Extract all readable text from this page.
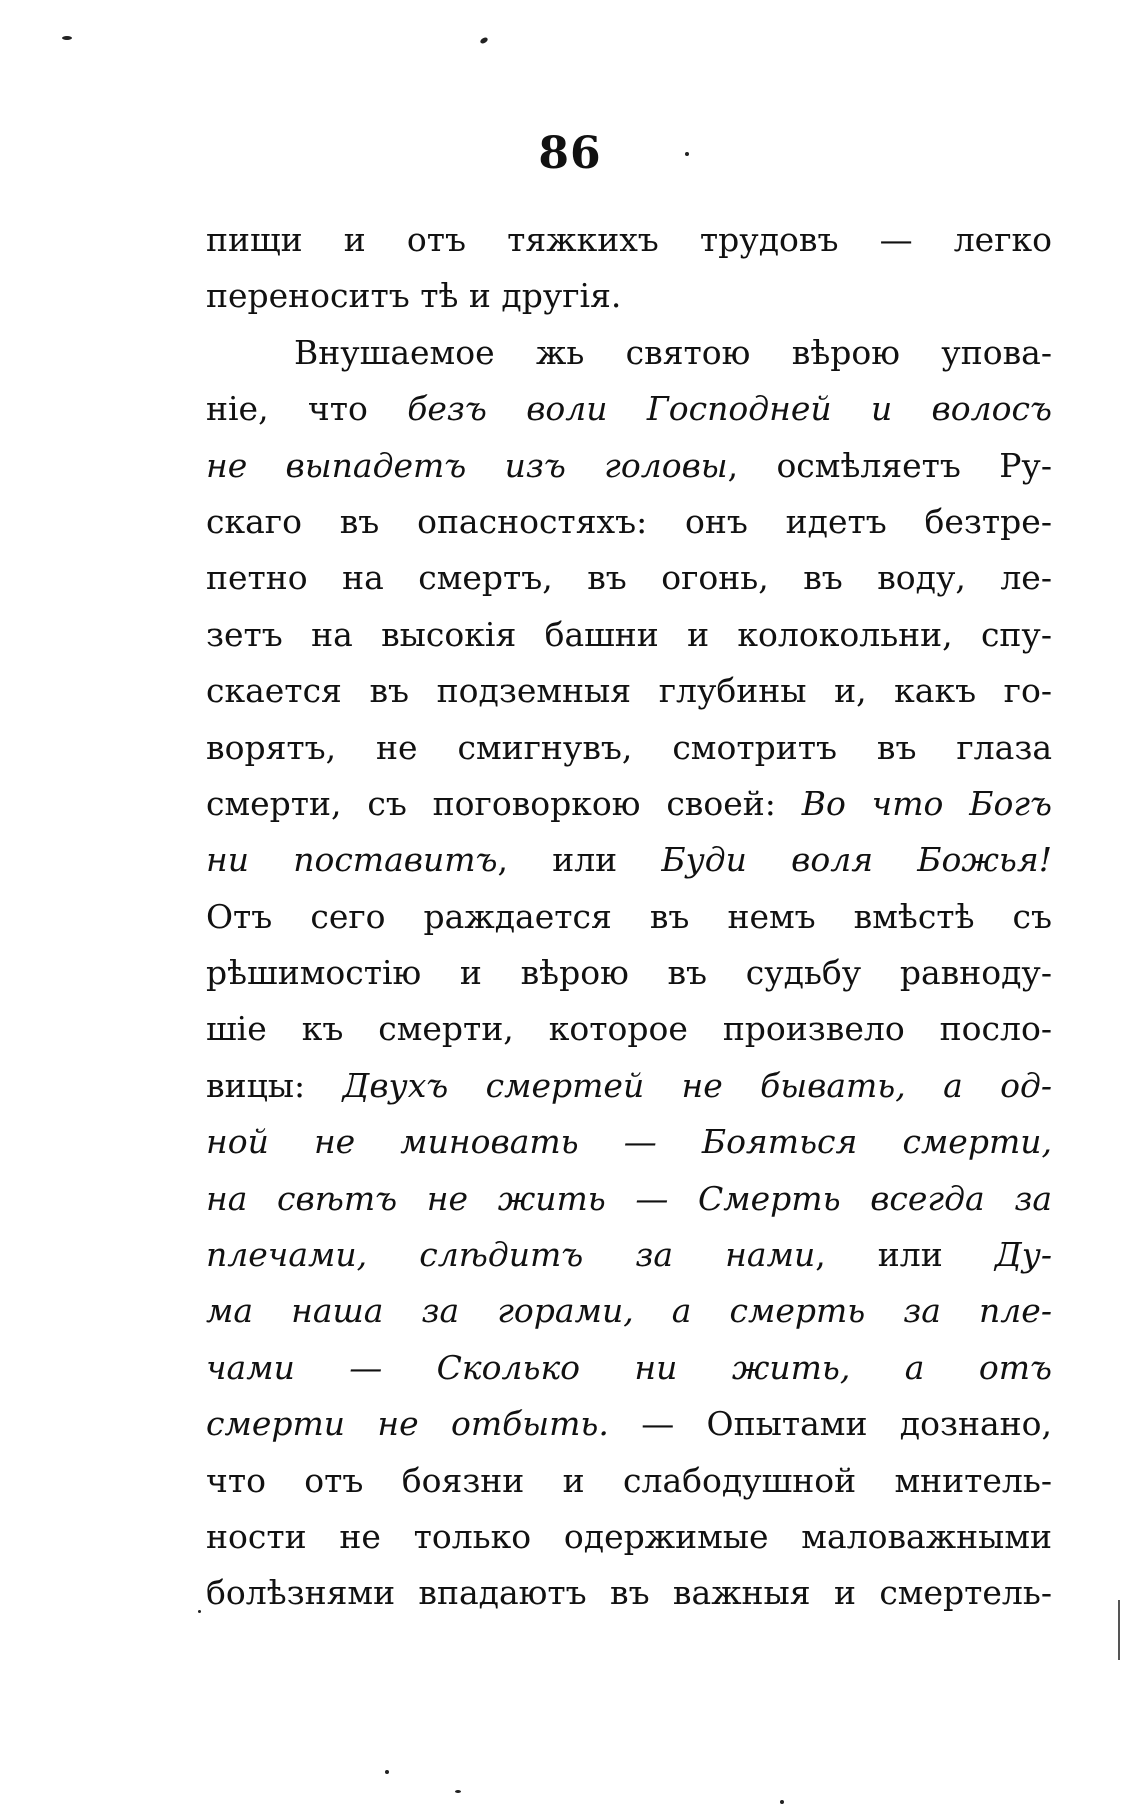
86
пищи и отъ тяжкихъ трудовъ — легко
переноситъ тѣ и другія.
Внушаемое жь святою вѣрою упова-
ніе, что безъ воли Господней и волосъ
не выпадетъ изъ головы, осмѣляетъ Ру-
скаго въ опасностяхъ: онъ идетъ безтре-
петно на смертъ, въ огонь, въ воду, ле-
зетъ на высокія башни и колокольни, спу-
скается въ подземныя глубины и, какъ го-
ворятъ, не смигнувъ, смотритъ въ глаза
смерти, съ поговоркою своей: Во что Богъ
ни поставитъ, или Буди воля Божья!
Отъ сего раждается въ немъ вмѣстѣ съ
рѣшимостію и вѣрою въ судьбу равноду-
шіе къ смерти, которое произвело посло-
вицы: Двухъ смертей не бывать, а од-
ной не миновать — Бояться смерти,
на свѣтъ не жить — Смерть всегда за
плечами, слѣдитъ за нами, или Ду-
ма наша за горами, а смерть за пле-
чами — Сколько ни жить, а отъ
смерти не отбыть. — Опытами дознано,
что отъ боязни и слабодушной мнитель-
ности не только одержимые маловажными
болѣзнями впадаютъ въ важныя и смертель-
